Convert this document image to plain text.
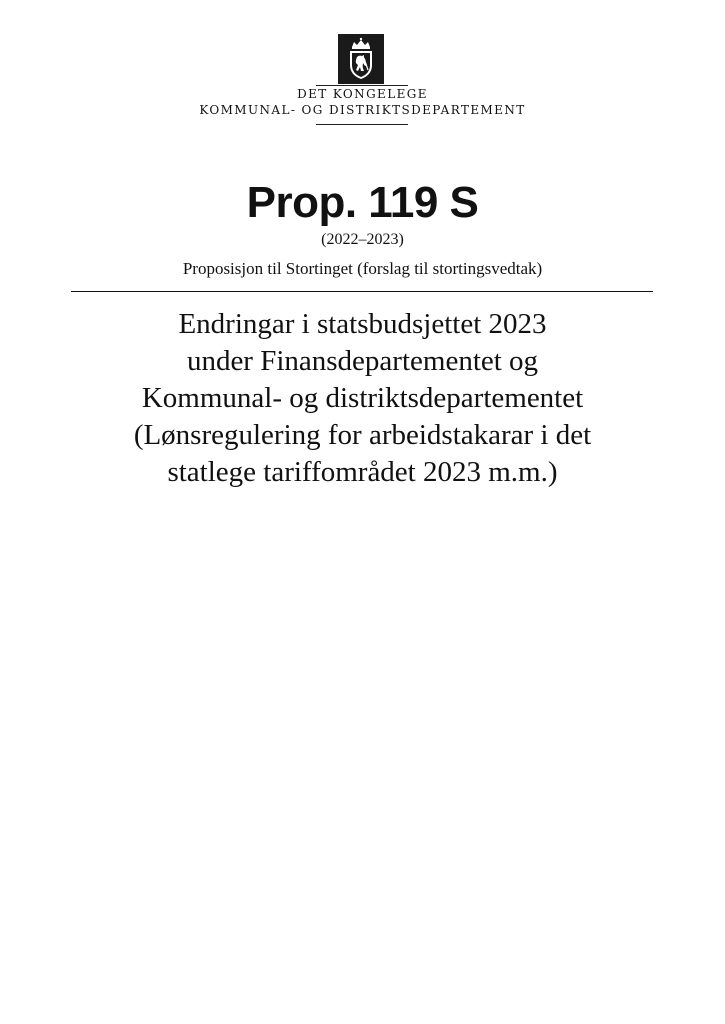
DET KONGELEGE
KOMMUNAL- OG DISTRIKTSDEPARTEMENT
Prop. 119 S
(2022–2023)
Proposisjon til Stortinget (forslag til stortingsvedtak)
Endringar i statsbudsjettet 2023
under Finansdepartementet og
Kommunal- og distriktsdepartementet
(Lønsregulering for arbeidstakarar i det
statlege tariffområdet 2023 m.m.)
